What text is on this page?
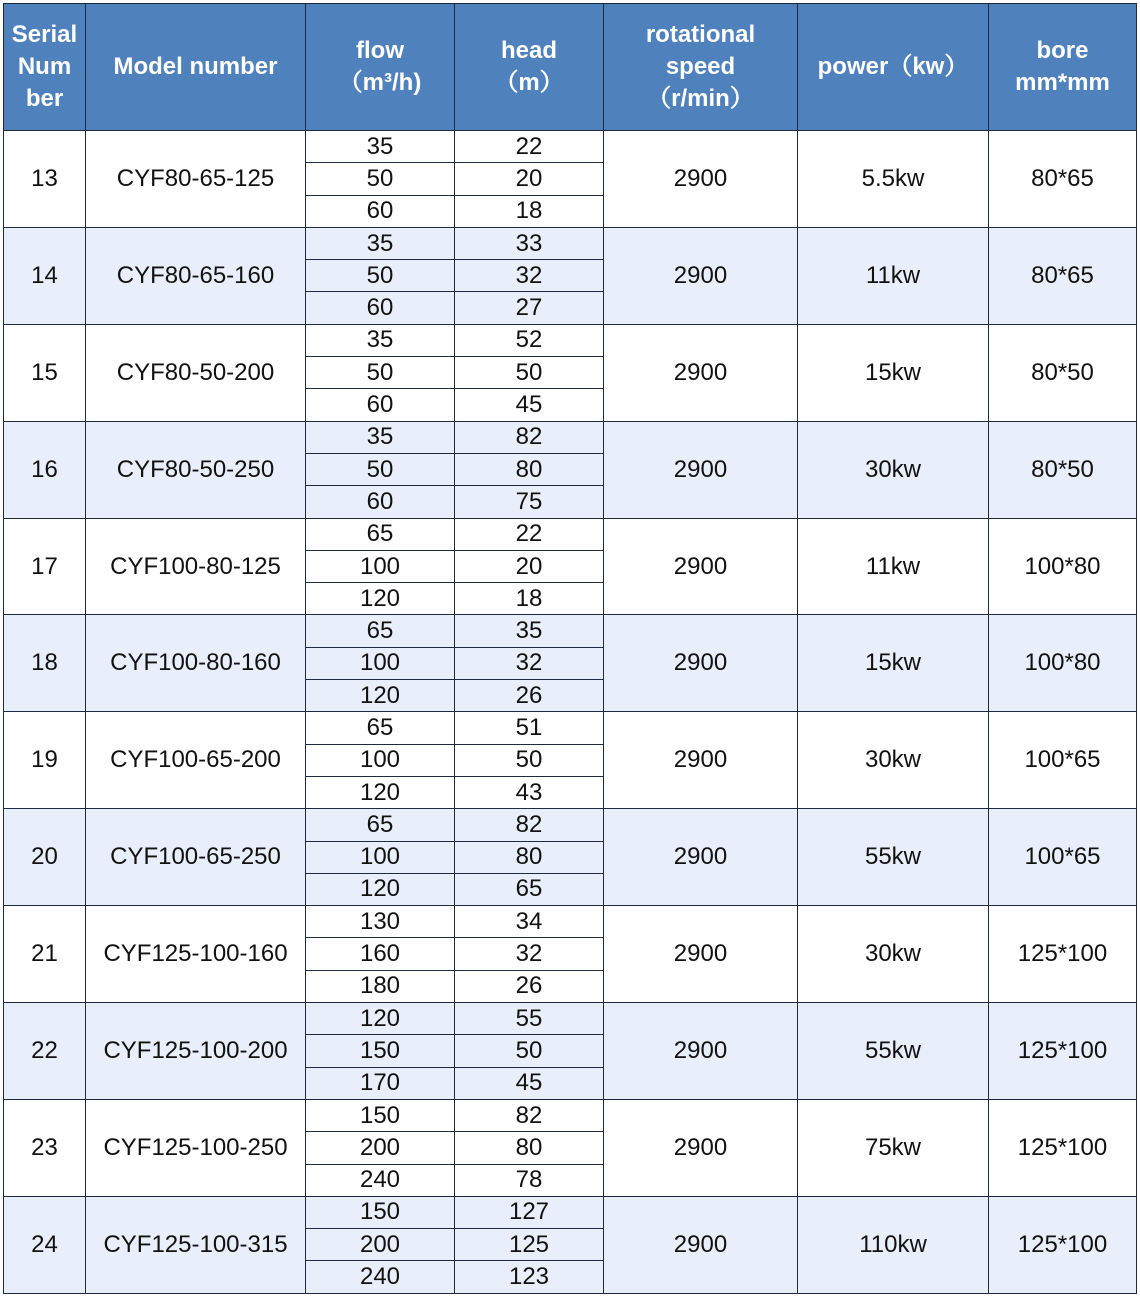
Serial
Num
ber	Model number	flow
（m³/h)	head
（m）	rotational
speed
（r/min）	power（kw）	bore
mm*mm

13	CYF80-65-125	35	22	2900	5.5kw	80*65
		50	20			
		60	18			
14	CYF80-65-160	35	33	2900	11kw	80*65
		50	32			
		60	27			
15	CYF80-50-200	35	52	2900	15kw	80*50
		50	50			
		60	45			
16	CYF80-50-250	35	82	2900	30kw	80*50
		50	80			
		60	75			
17	CYF100-80-125	65	22	2900	11kw	100*80
		100	20			
		120	18			
18	CYF100-80-160	65	35	2900	15kw	100*80
		100	32			
		120	26			
19	CYF100-65-200	65	51	2900	30kw	100*65
		100	50			
		120	43			
20	CYF100-65-250	65	82	2900	55kw	100*65
		100	80			
		120	65			
21	CYF125-100-160	130	34	2900	30kw	125*100
		160	32			
		180	26			
22	CYF125-100-200	120	55	2900	55kw	125*100
		150	50			
		170	45			
23	CYF125-100-250	150	82	2900	75kw	125*100
		200	80			
		240	78			
24	CYF125-100-315	150	127	2900	110kw	125*100
		200	125			
		240	123			
